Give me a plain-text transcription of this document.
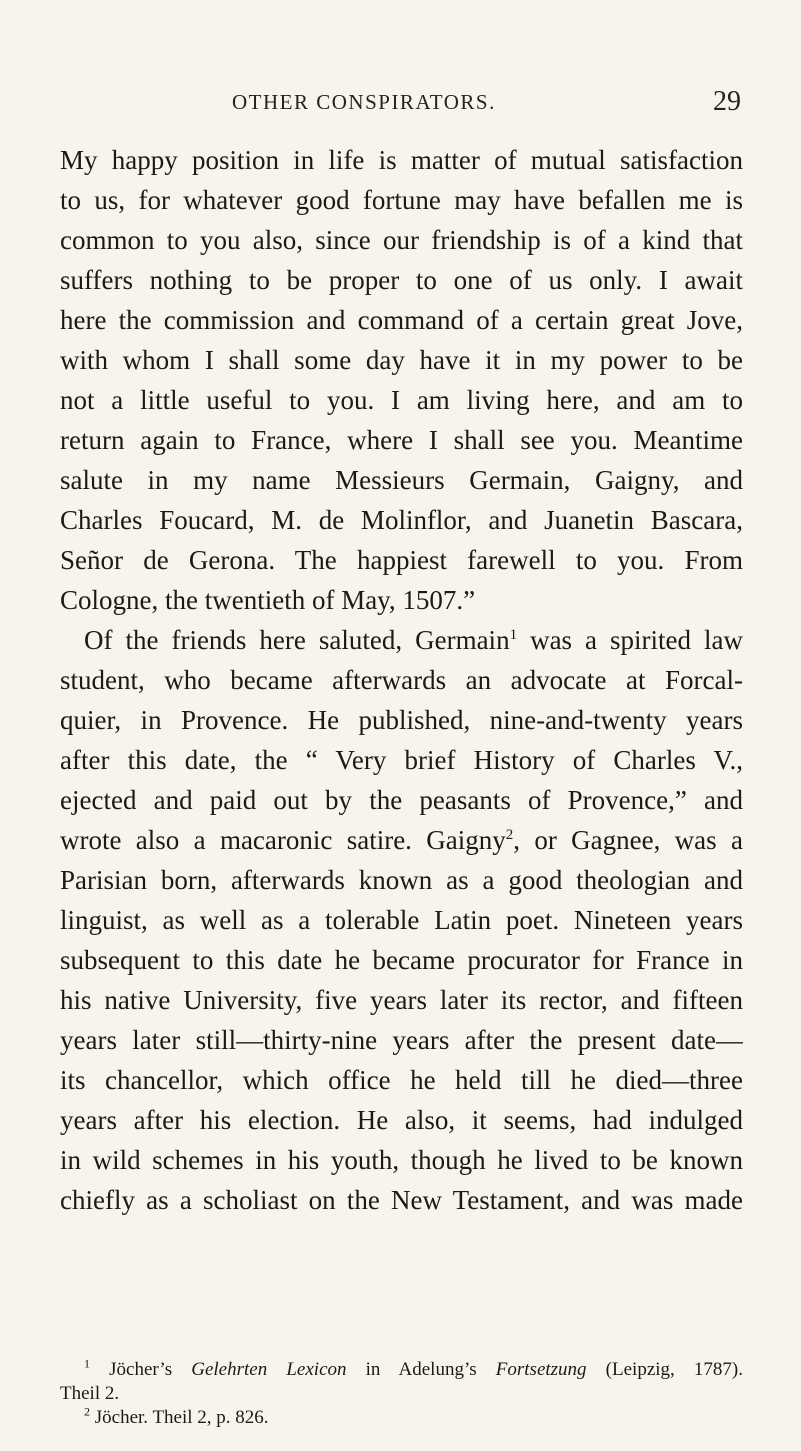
OTHER CONSPIRATORS.	29
My happy position in life is matter of mutual satisfaction
to us, for whatever good fortune may have befallen me is
common to you also, since our friendship is of a kind that
suffers nothing to be proper to one of us only. I await
here the commission and command of a certain great Jove,
with whom I shall some day have it in my power to be
not a little useful to you. I am living here, and am to
return again to France, where I shall see you. Meantime
salute in my name Messieurs Germain, Gaigny, and
Charles Foucard, M. de Molinflor, and Juanetin Bascara,
Señor de Gerona. The happiest farewell to you. From
Cologne, the twentieth of May, 1507.”
Of the friends here saluted, Germain$^1$ was a spirited law
student, who became afterwards an advocate at Forcal-
quier, in Provence. He published, nine-and-twenty years
after this date, the “ Very brief History of Charles V.,
ejected and paid out by the peasants of Provence,” and
wrote also a macaronic satire. Gaigny$^2$, or Gagnee, was a
Parisian born, afterwards known as a good theologian and
linguist, as well as a tolerable Latin poet. Nineteen years
subsequent to this date he became procurator for France in
his native University, five years later its rector, and fifteen
years later still—thirty-nine years after the present date—
its chancellor, which office he held till he died—three
years after his election. He also, it seems, had indulged
in wild schemes in his youth, though he lived to be known
chiefly as a scholiast on the New Testament, and was made
$^1$ Jöcher’s Gelehrten Lexicon in Adelung’s Fortsetzung (Leipzig, 1787).
Theil 2.
$^2$ Jöcher. Theil 2, p. 826.
